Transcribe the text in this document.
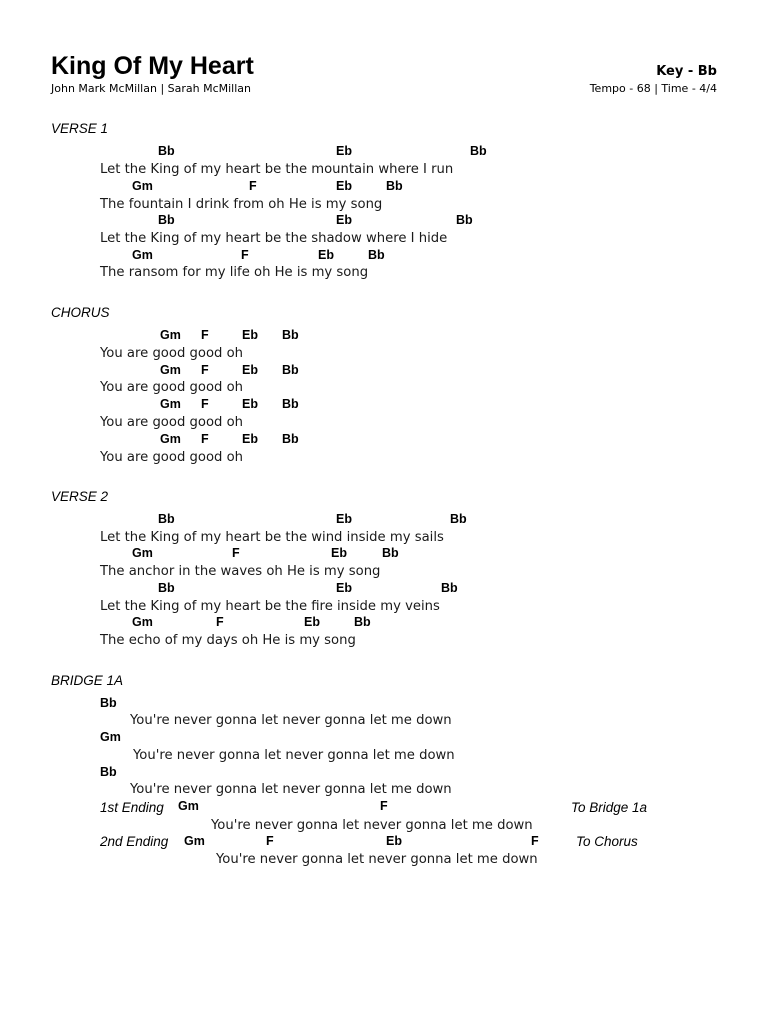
King Of My Heart
John Mark McMillan | Sarah McMillan
Key - Bb
Tempo - 68 | Time - 4/4
VERSE 1
Bb	Eb	Bb
Let the King of my heart be the mountain where I run
Gm	F	Eb	Bb
The fountain I drink from oh He is my song
Bb	Eb	Bb
Let the King of my heart be the shadow where I hide
Gm	F	Eb	Bb
The ransom for my life oh He is my song
CHORUS
Gm F	Eb Bb
You are good good oh
Gm F	Eb Bb
You are good good oh
Gm F	Eb Bb
You are good good oh
Gm F	Eb Bb
You are good good oh
VERSE 2
Bb	Eb	Bb
Let the King of my heart be the wind inside my sails
Gm	F	Eb	Bb
The anchor in the waves oh He is my song
Bb	Eb	Bb
Let the King of my heart be the fire inside my veins
Gm	F	Eb	Bb
The echo of my days oh He is my song
BRIDGE 1A
Bb
You're never gonna let never gonna let me down
Gm
You're never gonna let never gonna let me down
Bb
You're never gonna let never gonna let me down
Gm	F
You're never gonna let never gonna let me down
1st Ending	To Bridge 1a
Gm	F	Eb	F
You're never gonna let never gonna let me down
2nd Ending	To Chorus
